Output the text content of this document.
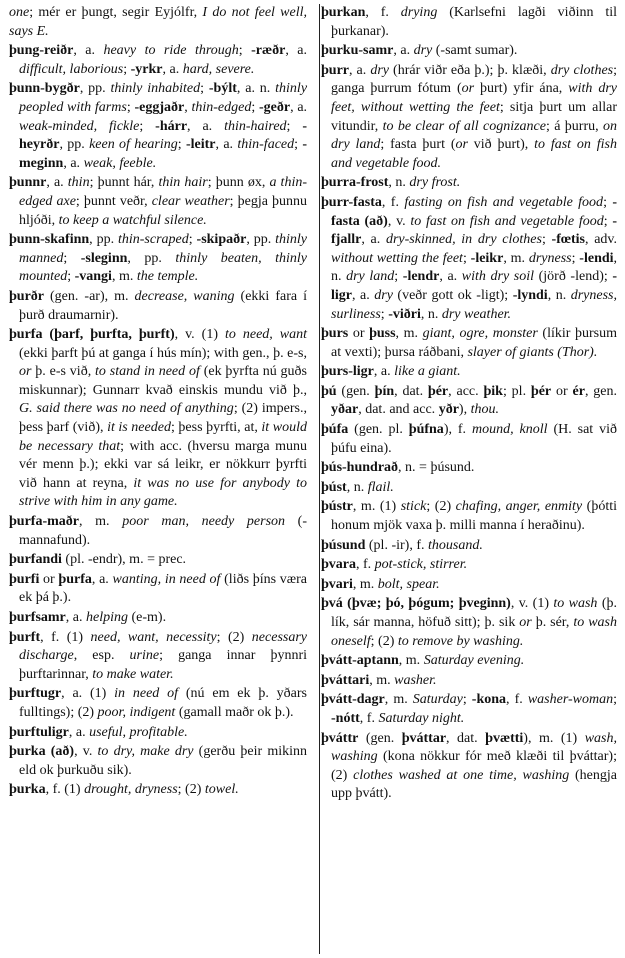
one; mér er þungt, segir Eyjólfr, I do not feel well, says E.
þung-reiðr, a. heavy to ride through; -ræðr, a. difficult, laborious; -yrkr, a. hard, severe.
þunn-bygðr, pp. thinly inhabited; -býlt, a. n. thinly peopled with farms; -eggjaðr, thin-edged; -geðr, a. weak-minded, fickle; -hárr, a. thin-haired; -heyrðr, pp. keen of hearing; -leitr, a. thin-faced; -meginn, a. weak, feeble.
þunnr, a. thin; þunnt hár, thin hair; þunn øx, a thin-edged axe; þunnt veðr, clear weather; þegja þunnu hljóði, to keep a watchful silence.
þunn-skafinn, pp. thin-scraped; -skipaðr, pp. thinly manned; -sleginn, pp. thinly beaten, thinly mounted; -vangi, m. the temple.
þurðr (gen. -ar), m. decrease, waning (ekki fara í þurð draumarnir).
þurfa (þarf, þurfta, þurft), v. (1) to need, want (ekki þarft þú at ganga í hús mín); with gen., þ. e-s, or þ. e-s við, to stand in need of (ek þyrfta nú guðs miskunnar); Gunnarr kvað einskis mundu við þ., G. said there was no need of anything; (2) impers., þess þarf (við), it is needed; þess þyrfti, at, it would be necessary that; with acc. (hversu marga munu vér menn þ.); ekki var sá leikr, er nökkurr þyrfti við hann at reyna, it was no use for anybody to strive with him in any game.
þurfa-maðr, m. poor man, needy person (-mannafund).
þurfandi (pl. -endr), m. = prec.
þurfi or þurfa, a. wanting, in need of (liðs þíns væra ek þá þ.).
þurfsamr, a. helping (e-m).
þurft, f. (1) need, want, necessity; (2) necessary discharge, esp. urine; ganga innar þynnri þurftarinnar, to make water.
þurftugr, a. (1) in need of (nú em ek þ. yðars fulltings); (2) poor, indigent (gamall maðr ok þ.).
þurftuligr, a. useful, profitable.
þurka (að), v. to dry, make dry (gerðu þeir mikinn eld ok þurkuðu sik).
þurka, f. (1) drought, dryness; (2) towel.
þurkan, f. drying (Karlsefni lagði viðinn til þurkanar).
þurku-samr, a. dry (-samt sumar).
þurr, a. dry (hrár viðr eða þ.); þ. klæði, dry clothes; ganga þurrum fótum (or þurt) yfir ána, with dry feet, without wetting the feet; sitja þurt um allar vitundir, to be clear of all cognizance; á þurru, on dry land; fasta þurt (or við þurt), to fast on fish and vegetable food.
þurra-frost, n. dry frost.
þurr-fasta, f. fasting on fish and vegetable food; -fasta (að), v. to fast on fish and vegetable food; -fjallr, a. dry-skinned, in dry clothes; -fœtis, adv. without wetting the feet; -leikr, m. dryness; -lendi, n. dry land; -lendr, a. with dry soil (jörð -lend); -ligr, a. dry (veðr gott ok -ligt); -lyndi, n. dryness, surliness; -viðri, n. dry weather.
þurs or þuss, m. giant, ogre, monster (líkir þursum at vexti); þursa ráðbani, slayer of giants (Thor).
þurs-ligr, a. like a giant.
þú (gen. þín, dat. þér, acc. þik; pl. þér or ér, gen. yðar, dat. and acc. yðr), thou.
þúfa (gen. pl. þúfna), f. mound, knoll (H. sat við þúfu eina).
þús-hundrað, n. = þúsund.
þúst, n. flail.
þústr, m. (1) stick; (2) chafing, anger, enmity (þótti honum mjök vaxa þ. milli manna í heraðinu).
þúsund (pl. -ir), f. thousand.
þvara, f. pot-stick, stirrer.
þvari, m. bolt, spear.
þvá (þvæ; þó, þógum; þveginn), v. (1) to wash (þ. lík, sár manna, höfuð sitt); þ. sik or þ. sér, to wash oneself; (2) to remove by washing.
þvátt-aptann, m. Saturday evening.
þváttari, m. washer.
þvátt-dagr, m. Saturday; -kona, f. washer-woman; -nótt, f. Saturday night.
þváttr (gen. þváttar, dat. þvætti), m. (1) wash, washing (kona nökkur fór með klæði til þváttar); (2) clothes washed at one time, washing (hengja upp þvátt).
